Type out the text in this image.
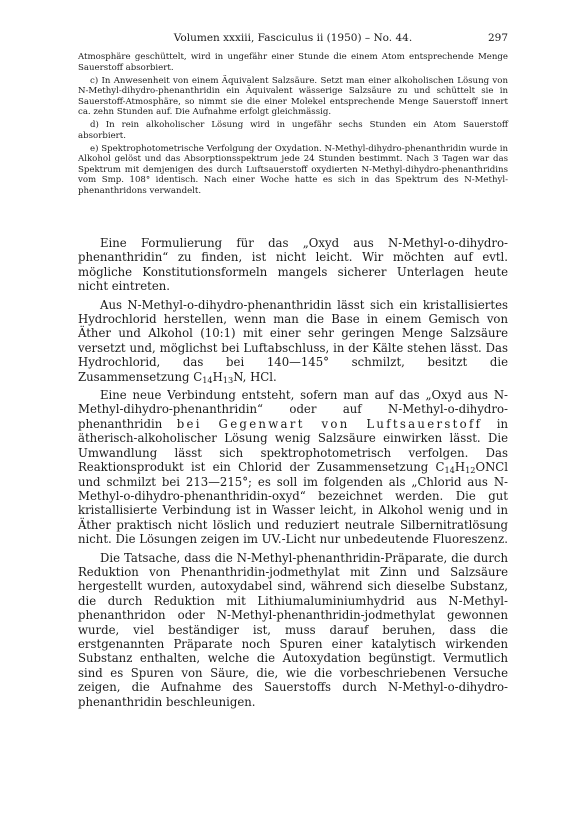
Volumen xxxiii, Fasciculus ii (1950) – No. 44.	297

Atmosphäre geschüttelt, wird in ungefähr einer Stunde die einem Atom entsprechende Menge Sauerstoff absorbiert.

c) In Anwesenheit von einem Äquivalent Salzsäure. Setzt man einer alkoholischen Lösung von N-Methyl-dihydro-phenanthridin ein Äquivalent wässerige Salzsäure zu und schüttelt sie in Sauerstoff-Atmosphäre, so nimmt sie die einer Molekel entsprechende Menge Sauerstoff innert ca. zehn Stunden auf. Die Aufnahme erfolgt gleichmässig.

d) In rein alkoholischer Lösung wird in ungefähr sechs Stunden ein Atom Sauerstoff absorbiert.

e) Spektrophotometrische Verfolgung der Oxydation. N-Methyl-dihydro-phenanthridin wurde in Alkohol gelöst und das Absorptionsspektrum jede 24 Stunden bestimmt. Nach 3 Tagen war das Spektrum mit demjenigen des durch Luftsauerstoff oxydierten N-Methyl-dihydro-phenanthridins vom Smp. 108° identisch. Nach einer Woche hatte es sich in das Spektrum des N-Methyl-phenanthridons verwandelt.

Eine Formulierung für das „Oxyd aus N-Methyl-o-dihydro-phenanthridin“ zu finden, ist nicht leicht. Wir möchten auf evtl. mögliche Konstitutionsformeln mangels sicherer Unterlagen heute nicht eintreten.

Aus N-Methyl-o-dihydro-phenanthridin lässt sich ein kristallisiertes Hydrochlorid herstellen, wenn man die Base in einem Gemisch von Äther und Alkohol (10:1) mit einer sehr geringen Menge Salzsäure versetzt und, möglichst bei Luftabschluss, in der Kälte stehen lässt. Das Hydrochlorid, das bei 140—145° schmilzt, besitzt die Zusammensetzung $C_{14}H_{13}N$, HCl.

Eine neue Verbindung entsteht, sofern man auf das „Oxyd aus N-Methyl-dihydro-phenanthridin“ oder auf N-Methyl-o-dihydro-phenanthridin bei Gegenwart von Luftsauerstoff in ätherisch-alkoholischer Lösung wenig Salzsäure einwirken lässt. Die Umwandlung lässt sich spektrophotometrisch verfolgen. Das Reaktionsprodukt ist ein Chlorid der Zusammensetzung $C_{14}H_{12}ONCl$ und schmilzt bei 213—215°; es soll im folgenden als „Chlorid aus N-Methyl-o-dihydro-phenanthridin-oxyd“ bezeichnet werden. Die gut kristallisierte Verbindung ist in Wasser leicht, in Alkohol wenig und in Äther praktisch nicht löslich und reduziert neutrale Silbernitratlösung nicht. Die Lösungen zeigen im UV.-Licht nur unbedeutende Fluoreszenz.

Die Tatsache, dass die N-Methyl-phenanthridin-Präparate, die durch Reduktion von Phenanthridin-jodmethylat mit Zinn und Salzsäure hergestellt wurden, autoxydabel sind, während sich dieselbe Substanz, die durch Reduktion mit Lithiumaluminiumhydrid aus N-Methyl-phenanthridon oder N-Methyl-phenanthridin-jodmethylat gewonnen wurde, viel beständiger ist, muss darauf beruhen, dass die erstgenannten Präparate noch Spuren einer katalytisch wirkenden Substanz enthalten, welche die Autoxydation begünstigt. Vermutlich sind es Spuren von Säure, die, wie die vorbeschriebenen Versuche zeigen, die Aufnahme des Sauerstoffs durch N-Methyl-o-dihydro-phenanthridin beschleunigen.
